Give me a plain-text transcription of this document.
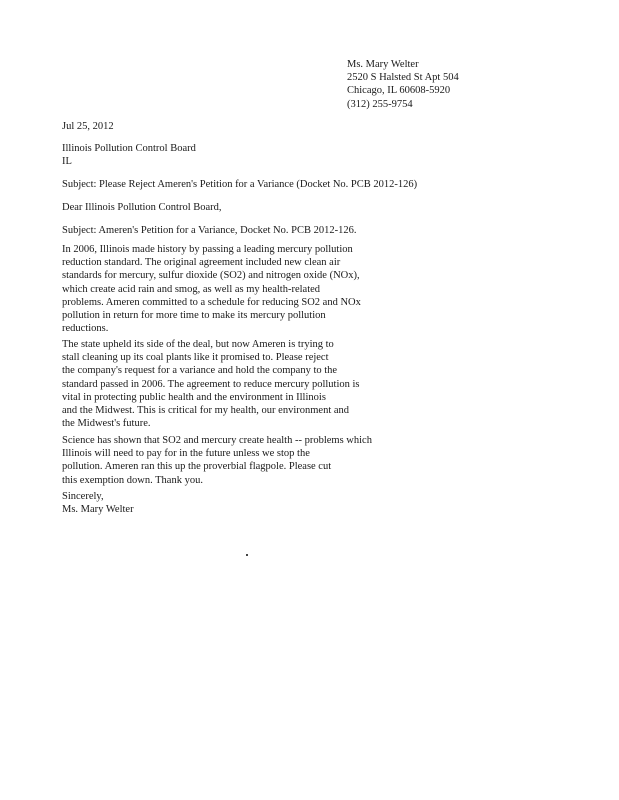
Ms. Mary Welter
2520 S Halsted St Apt 504
Chicago, IL 60608-5920
(312) 255-9754
Jul 25, 2012
Illinois Pollution Control Board
IL
Subject: Please Reject Ameren's Petition for a Variance (Docket No. PCB 2012-126)
Dear Illinois Pollution Control Board,
Subject: Ameren's Petition for a Variance, Docket No. PCB 2012-126.
In 2006, Illinois made history by passing a leading mercury pollution
reduction standard. The original agreement included new clean air
standards for mercury, sulfur dioxide (SO2) and nitrogen oxide (NOx),
which create acid rain and smog, as well as my health-related
problems. Ameren committed to a schedule for reducing SO2 and NOx
pollution in return for more time to make its mercury pollution
reductions.
The state upheld its side of the deal, but now Ameren is trying to
stall cleaning up its coal plants like it promised to. Please reject
the company's request for a variance and hold the company to the
standard passed in 2006. The agreement to reduce mercury pollution is
vital in protecting public health and the environment in Illinois
and the Midwest. This is critical for my health, our environment and
the Midwest's future.
Science has shown that SO2 and mercury create health -- problems which
Illinois will need to pay for in the future unless we stop the
pollution. Ameren ran this up the proverbial flagpole. Please cut
this exemption down. Thank you.
Sincerely,
Ms. Mary Welter
